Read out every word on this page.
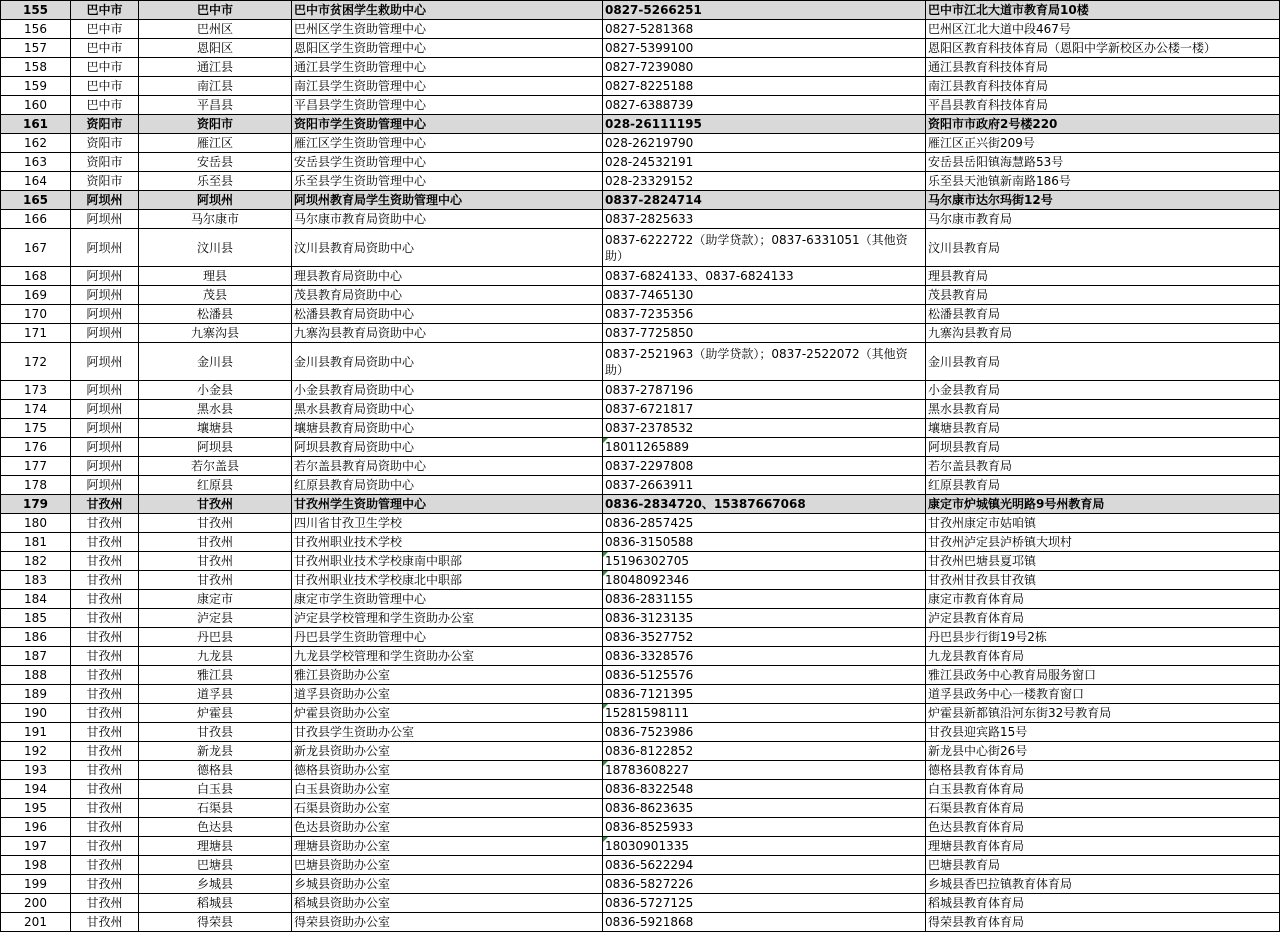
155	巴中市	巴中市	巴中市贫困学生救助中心	0827-5266251	巴中市江北大道市教育局10楼
156	巴中市	巴州区	巴州区学生资助管理中心	0827-5281368	巴州区江北大道中段467号
157	巴中市	恩阳区	恩阳区学生资助管理中心	0827-5399100	恩阳区教育科技体育局（恩阳中学新校区办公楼一楼）
158	巴中市	通江县	通江县学生资助管理中心	0827-7239080	通江县教育科技体育局
159	巴中市	南江县	南江县学生资助管理中心	0827-8225188	南江县教育科技体育局
160	巴中市	平昌县	平昌县学生资助管理中心	0827-6388739	平昌县教育科技体育局
161	资阳市	资阳市	资阳市学生资助管理中心	028-26111195	资阳市市政府2号楼220
162	资阳市	雁江区	雁江区学生资助管理中心	028-26219790	雁江区正兴街209号
163	资阳市	安岳县	安岳县学生资助管理中心	028-24532191	安岳县岳阳镇海慧路53号
164	资阳市	乐至县	乐至县学生资助管理中心	028-23329152	乐至县天池镇新南路186号
165	阿坝州	阿坝州	阿坝州教育局学生资助管理中心	0837-2824714	马尔康市达尔玛街12号
166	阿坝州	马尔康市	马尔康市教育局资助中心	0837-2825633	马尔康市教育局
167	阿坝州	汶川县	汶川县教育局资助中心	0837-6222722（助学贷款）；0837-6331051（其他资助）	汶川县教育局
168	阿坝州	理县	理县教育局资助中心	0837-6824133、0837-6824133	理县教育局
169	阿坝州	茂县	茂县教育局资助中心	0837-7465130	茂县教育局
170	阿坝州	松潘县	松潘县教育局资助中心	0837-7235356	松潘县教育局
171	阿坝州	九寨沟县	九寨沟县教育局资助中心	0837-7725850	九寨沟县教育局
172	阿坝州	金川县	金川县教育局资助中心	0837-2521963（助学贷款）；0837-2522072（其他资助）	金川县教育局
173	阿坝州	小金县	小金县教育局资助中心	0837-2787196	小金县教育局
174	阿坝州	黑水县	黑水县教育局资助中心	0837-6721817	黑水县教育局
175	阿坝州	壤塘县	壤塘县教育局资助中心	0837-2378532	壤塘县教育局
176	阿坝州	阿坝县	阿坝县教育局资助中心	18011265889	阿坝县教育局
177	阿坝州	若尔盖县	若尔盖县教育局资助中心	0837-2297808	若尔盖县教育局
178	阿坝州	红原县	红原县教育局资助中心	0837-2663911	红原县教育局
179	甘孜州	甘孜州	甘孜州学生资助管理中心	0836-2834720、15387667068	康定市炉城镇光明路9号州教育局
180	甘孜州	甘孜州	四川省甘孜卫生学校	0836-2857425	甘孜州康定市姑咱镇
181	甘孜州	甘孜州	甘孜州职业技术学校	0836-3150588	甘孜州泸定县泸桥镇大坝村
182	甘孜州	甘孜州	甘孜州职业技术学校康南中职部	15196302705	甘孜州巴塘县夏邛镇
183	甘孜州	甘孜州	甘孜州职业技术学校康北中职部	18048092346	甘孜州甘孜县甘孜镇
184	甘孜州	康定市	康定市学生资助管理中心	0836-2831155	康定市教育体育局
185	甘孜州	泸定县	泸定县学校管理和学生资助办公室	0836-3123135	泸定县教育体育局
186	甘孜州	丹巴县	丹巴县学生资助管理中心	0836-3527752	丹巴县步行街19号2栋
187	甘孜州	九龙县	九龙县学校管理和学生资助办公室	0836-3328576	九龙县教育体育局
188	甘孜州	雅江县	雅江县资助办公室	0836-5125576	雅江县政务中心教育局服务窗口
189	甘孜州	道孚县	道孚县资助办公室	0836-7121395	道孚县政务中心一楼教育窗口
190	甘孜州	炉霍县	炉霍县资助办公室	15281598111	炉霍县新都镇沿河东街32号教育局
191	甘孜州	甘孜县	甘孜县学生资助办公室	0836-7523986	甘孜县迎宾路15号
192	甘孜州	新龙县	新龙县资助办公室	0836-8122852	新龙县中心街26号
193	甘孜州	德格县	德格县资助办公室	18783608227	德格县教育体育局
194	甘孜州	白玉县	白玉县资助办公室	0836-8322548	白玉县教育体育局
195	甘孜州	石渠县	石渠县资助办公室	0836-8623635	石渠县教育体育局
196	甘孜州	色达县	色达县资助办公室	0836-8525933	色达县教育体育局
197	甘孜州	理塘县	理塘县资助办公室	18030901335	理塘县教育体育局
198	甘孜州	巴塘县	巴塘县资助办公室	0836-5622294	巴塘县教育局
199	甘孜州	乡城县	乡城县资助办公室	0836-5827226	乡城县香巴拉镇教育体育局
200	甘孜州	稻城县	稻城县资助办公室	0836-5727125	稻城县教育体育局
201	甘孜州	得荣县	得荣县资助办公室	0836-5921868	得荣县教育体育局
